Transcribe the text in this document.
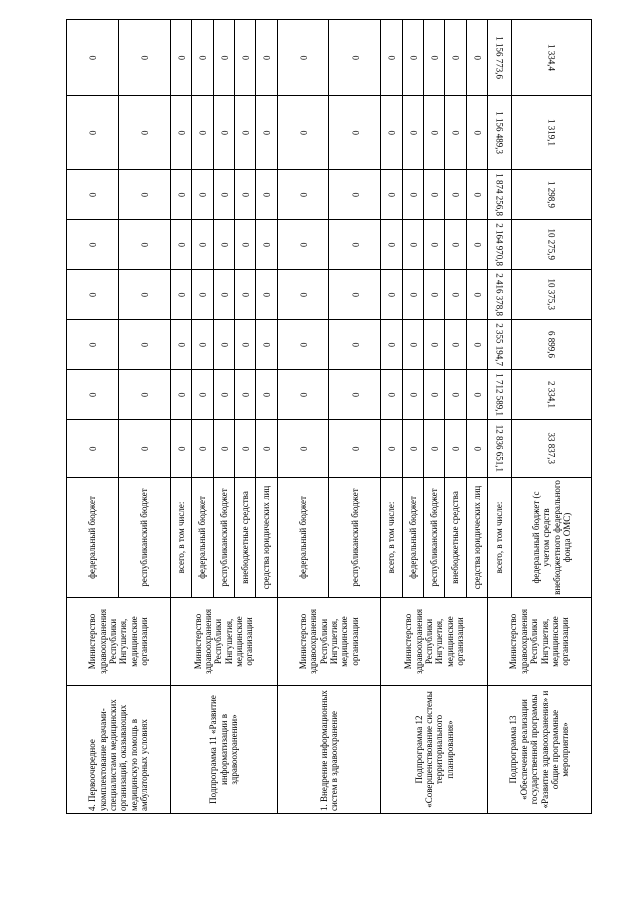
4. Первоочередное укомплектование врачами-специалистами медицинских организаций, оказывающих медицинскую помощь в амбулаторных условиях	Министерство здравоохранения Республики Ингушетия, медицинские организации	федеральный бюджет	0	0	0	0	0	0	0	0
		республиканский бюджет	0	0	0	0	0	0	0	0
Подпрограмма 11 «Развитие информатизации в здравоохранении»	Министерство здравоохранения Республики Ингушетия, медицинские организации	всего, в том числе:	0	0	0	0	0	0	0	0
		федеральный бюджет	0	0	0	0	0	0	0	0
		республиканский бюджет	0	0	0	0	0	0	0	0
		внебюджетные средства	0	0	0	0	0	0	0	0
		средства юридических лиц	0	0	0	0	0	0	0	0
1. Внедрение информационных систем в здравоохранение	Министерство здравоохранения Республики Ингушетия, медицинские организации	федеральный бюджет	0	0	0	0	0	0	0	0
		республиканский бюджет	0	0	0	0	0	0	0	0
Подпрограмма 12 «Совершенствование системы территориального планирования»	Министерство здравоохранения Республики Ингушетия, медицинские организации	всего, в том числе:	0	0	0	0	0	0	0	0
		федеральный бюджет	0	0	0	0	0	0	0	0
		республиканский бюджет	0	0	0	0	0	0	0	0
		внебюджетные средства	0	0	0	0	0	0	0	0
		средства юридических лиц	0	0	0	0	0	0	0	0
Подпрограмма 13 «Обеспечение реализации государственной программы «Развитие здравоохранения» и общие программные мероприятия»	Министерство здравоохранения Республики Ингушетия, медицинские организации	всего, в том числе:	12 836 651,1	1 712 589,1	2 355 194,7	2 416 378,8	2 164 970,8	1 874 256,8	1 156 489,3	1 156 773,6
		федеральный бюджет (с учетом средств внебюджетного федерального фонда ОМС)	33 837,3	2 334,1	6 899,6	10 375,3	10 275,9	1 298,9	1 319,1	1 334,4
